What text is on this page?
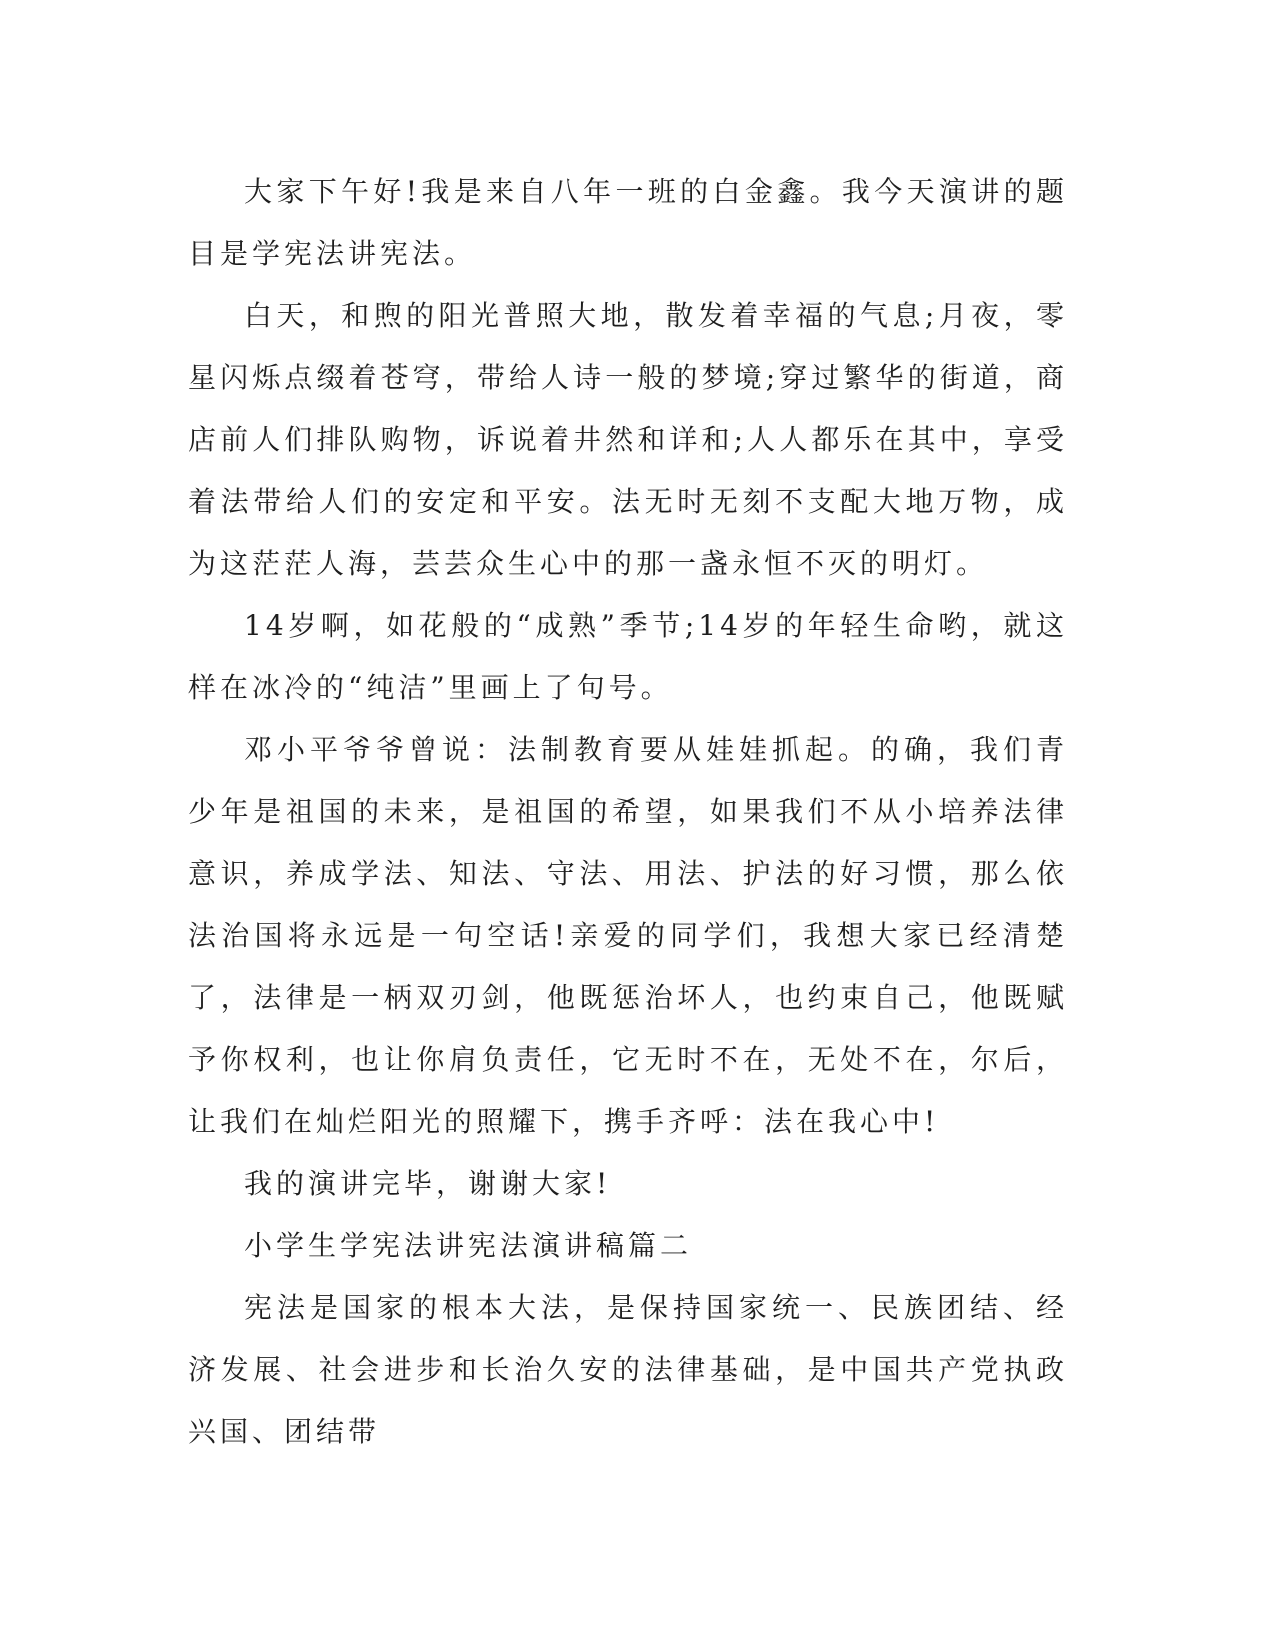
大家下午好!我是来自八年一班的白金鑫。我今天演讲的题目是学宪法讲宪法。

白天，和煦的阳光普照大地，散发着幸福的气息;月夜，零星闪烁点缀着苍穹，带给人诗一般的梦境;穿过繁华的街道，商店前人们排队购物，诉说着井然和详和;人人都乐在其中，享受着法带给人们的安定和平安。法无时无刻不支配大地万物，成为这茫茫人海，芸芸众生心中的那一盏永恒不灭的明灯。

14岁啊，如花般的“成熟”季节;14岁的年轻生命哟，就这样在冰冷的“纯洁”里画上了句号。

邓小平爷爷曾说：法制教育要从娃娃抓起。的确，我们青少年是祖国的未来，是祖国的希望，如果我们不从小培养法律意识，养成学法、知法、守法、用法、护法的好习惯，那么依法治国将永远是一句空话!亲爱的同学们，我想大家已经清楚了，法律是一柄双刃剑，他既惩治坏人，也约束自己，他既赋予你权利，也让你肩负责任，它无时不在，无处不在，尔后，让我们在灿烂阳光的照耀下，携手齐呼：法在我心中!

我的演讲完毕，谢谢大家!

小学生学宪法讲宪法演讲稿篇二

宪法是国家的根本大法，是保持国家统一、民族团结、经济发展、社会进步和长治久安的法律基础，是中国共产党执政兴国、团结带
